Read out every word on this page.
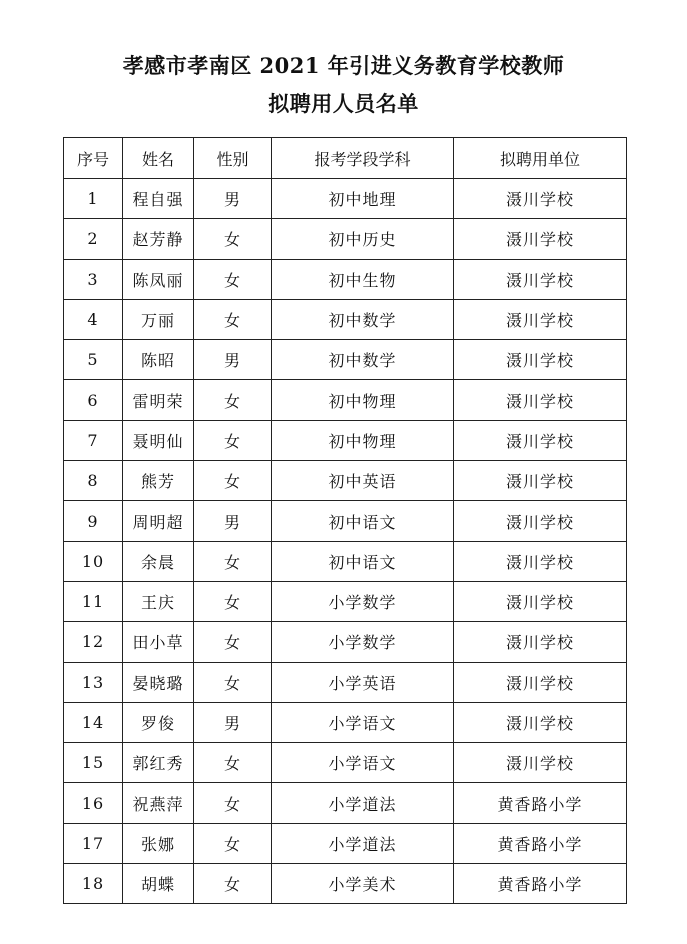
孝感市孝南区 2021 年引进义务教育学校教师
拟聘用人员名单
序号	姓名	性别	报考学段学科	拟聘用单位
1	程自强	男	初中地理	滠川学校
2	赵芳静	女	初中历史	滠川学校
3	陈凤丽	女	初中生物	滠川学校
4	万丽	女	初中数学	滠川学校
5	陈昭	男	初中数学	滠川学校
6	雷明荣	女	初中物理	滠川学校
7	聂明仙	女	初中物理	滠川学校
8	熊芳	女	初中英语	滠川学校
9	周明超	男	初中语文	滠川学校
10	余晨	女	初中语文	滠川学校
11	王庆	女	小学数学	滠川学校
12	田小草	女	小学数学	滠川学校
13	晏晓璐	女	小学英语	滠川学校
14	罗俊	男	小学语文	滠川学校
15	郭红秀	女	小学语文	滠川学校
16	祝燕萍	女	小学道法	黄香路小学
17	张娜	女	小学道法	黄香路小学
18	胡蝶	女	小学美术	黄香路小学
